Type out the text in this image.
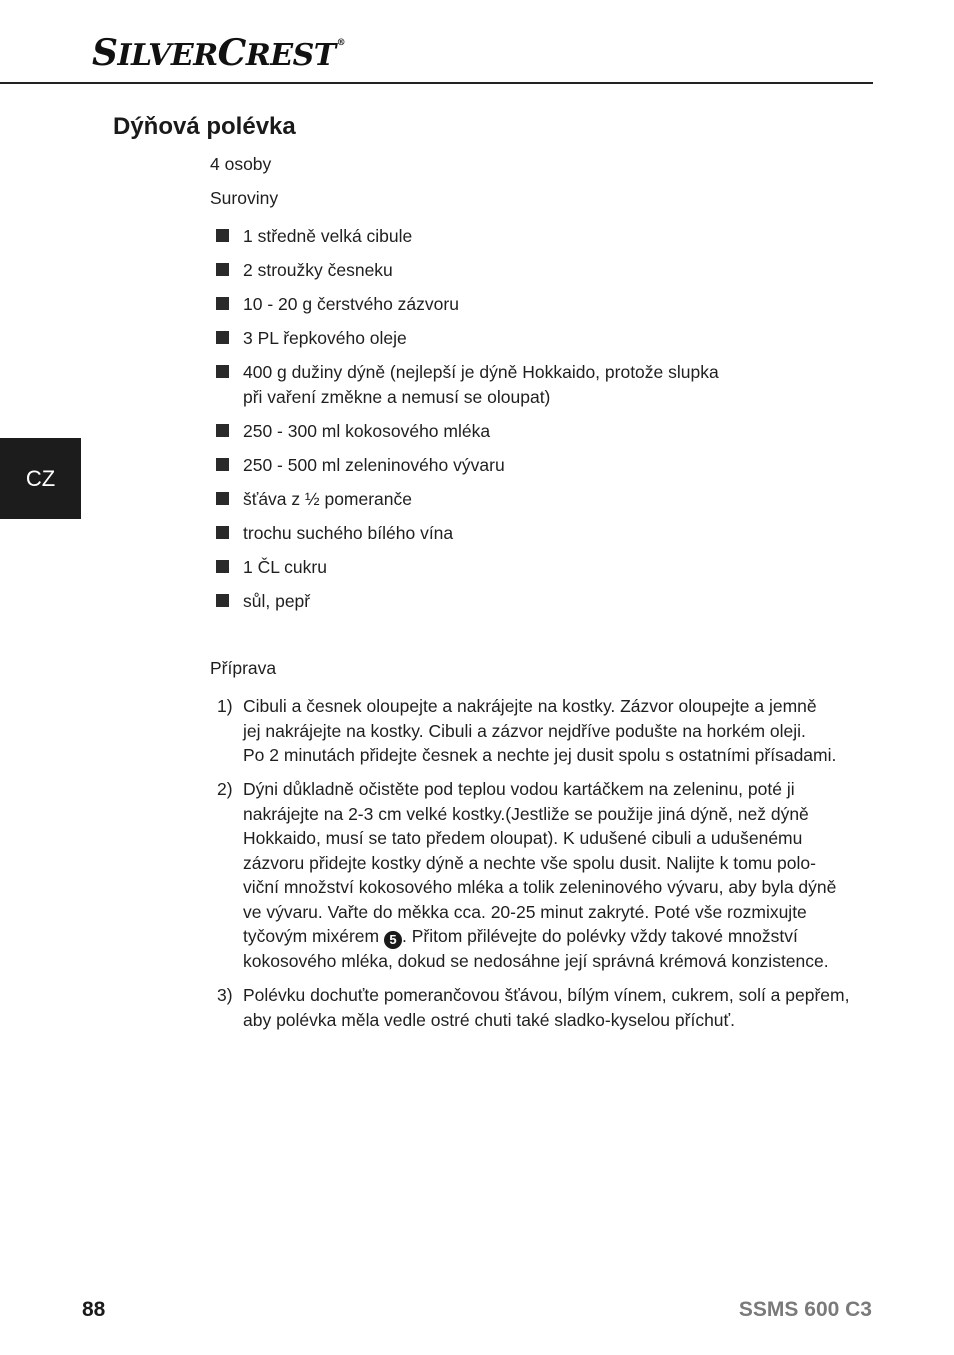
SILVERCREST®
Dýňová polévka
4 osoby
Suroviny
1 středně velká cibule
2 stroužky česneku
10 - 20 g čerstvého zázvoru
3 PL řepkového oleje
400 g dužiny dýně (nejlepší je dýně Hokkaido, protože slupka
při vaření změkne a nemusí se oloupat)
250 - 300 ml kokosového mléka
250 - 500 ml zeleninového vývaru
šťáva z ½ pomeranče
trochu suchého bílého vína
1 ČL cukru
sůl, pepř
Příprava
1) Cibuli a česnek oloupejte a nakrájejte na kostky. Zázvor oloupejte a jemně
jej nakrájejte na kostky. Cibuli a zázvor nejdříve podušte na horkém oleji.
Po 2 minutách přidejte česnek a nechte jej dusit spolu s ostatními přísadami.
2) Dýni důkladně očistěte pod teplou vodou kartáčkem na zeleninu, poté ji
nakrájejte na 2-3 cm velké kostky.(Jestliže se použije jiná dýně, než dýně
Hokkaido, musí se tato předem oloupat). K udušené cibuli a udušenému
zázvoru přidejte kostky dýně a nechte vše spolu dusit. Nalijte k tomu polo-
viční množství kokosového mléka a tolik zeleninového vývaru, aby byla dýně
ve vývaru. Vařte do měkka cca. 20-25 minut zakryté. Poté vše rozmixujte
tyčovým mixérem 5 . Přitom přilévejte do polévky vždy takové množství
kokosového mléka, dokud se nedosáhne její správná krémová konzistence.
3) Polévku dochuťte pomerančovou šťávou, bílým vínem, cukrem, solí a pepřem,
aby polévka měla vedle ostré chuti také sladko-kyselou příchuť.
CZ
88	SSMS 600 C3
